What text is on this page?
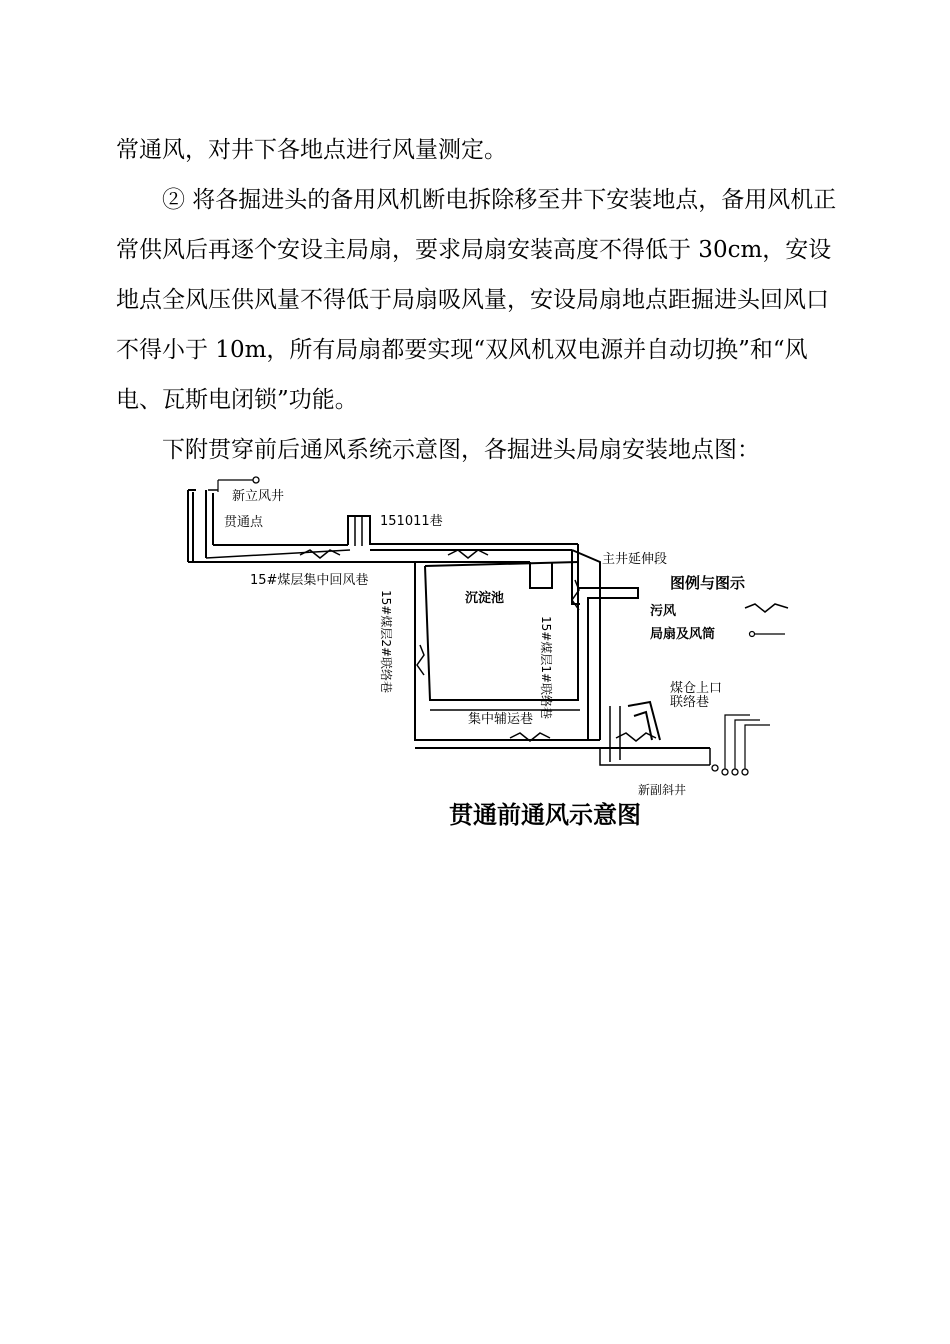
常通风，对井下各地点进行风量测定。

② 将各掘进头的备用风机断电拆除移至井下安装地点，备用风机正常供风后再逐个安设主局扇，要求局扇安装高度不得低于 30cm，安设地点全风压供风量不得低于局扇吸风量，安设局扇地点距掘进头回风口不得小于 10m，所有局扇都要实现“双风机双电源并自动切换”和“风电、瓦斯电闭锁”功能。

下附贯穿前后通风系统示意图，各掘进头局扇安装地点图：

新立风井
贯通点	151011巷
主井延伸段
15#煤层集中回风巷
沉淀池
15#煤层2#联络巷	15#煤层1#联络巷
集中辅运巷
煤仓上口
联络巷
新副斜井
图例与图示
污风
局扇及风筒
贯通前通风示意图
